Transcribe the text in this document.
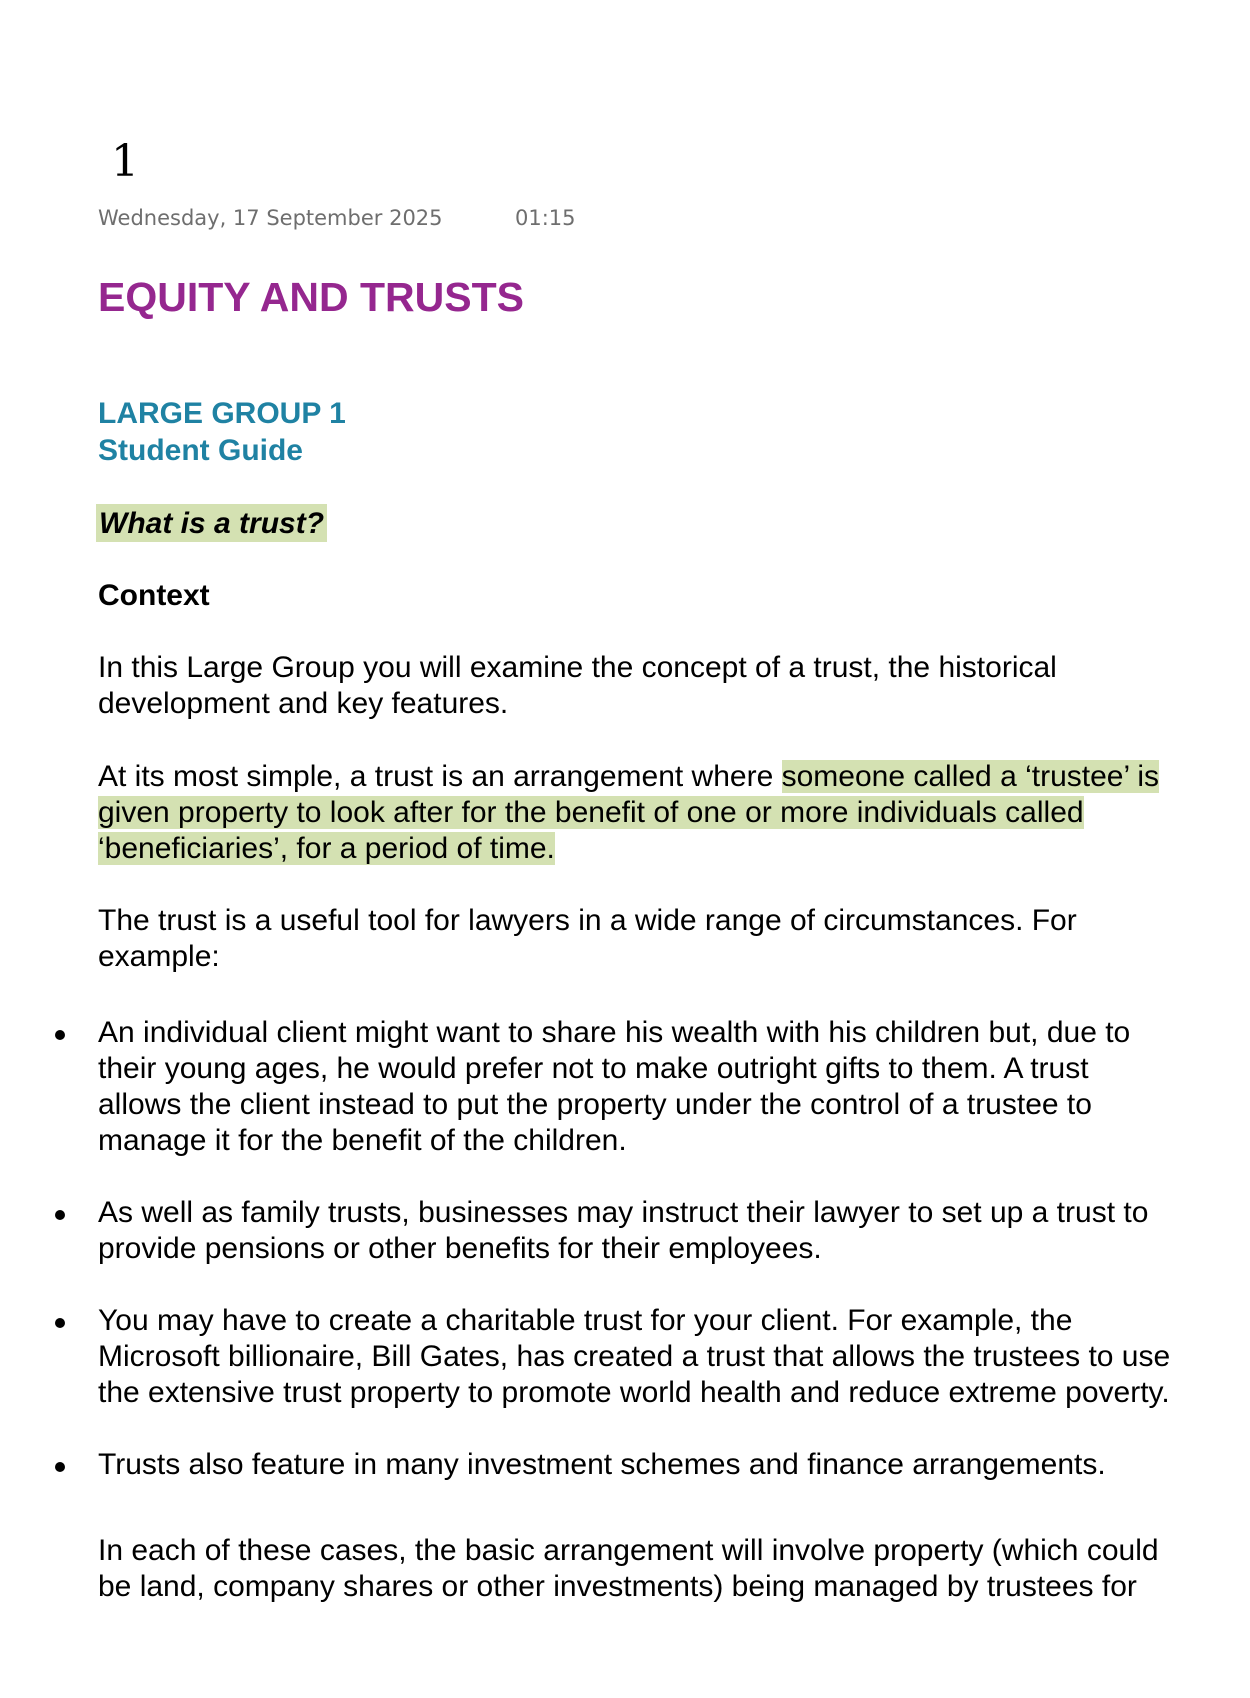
1
Wednesday, 17 September 2025	01:15
EQUITY AND TRUSTS
LARGE GROUP 1
Student Guide
What is a trust?
Context

In this Large Group you will examine the concept of a trust, the historical
development and key features.

At its most simple, a trust is an arrangement where someone called a ‘trustee’ is
given property to look after for the benefit of one or more individuals called
‘beneficiaries’, for a period of time.

The trust is a useful tool for lawyers in a wide range of circumstances. For
example:

An individual client might want to share his wealth with his children but, due to
their young ages, he would prefer not to make outright gifts to them. A trust
allows the client instead to put the property under the control of a trustee to
manage it for the benefit of the children.

As well as family trusts, businesses may instruct their lawyer to set up a trust to
provide pensions or other benefits for their employees.

You may have to create a charitable trust for your client. For example, the
Microsoft billionaire, Bill Gates, has created a trust that allows the trustees to use
the extensive trust property to promote world health and reduce extreme poverty.

Trusts also feature in many investment schemes and finance arrangements.

In each of these cases, the basic arrangement will involve property (which could
be land, company shares or other investments) being managed by trustees for
